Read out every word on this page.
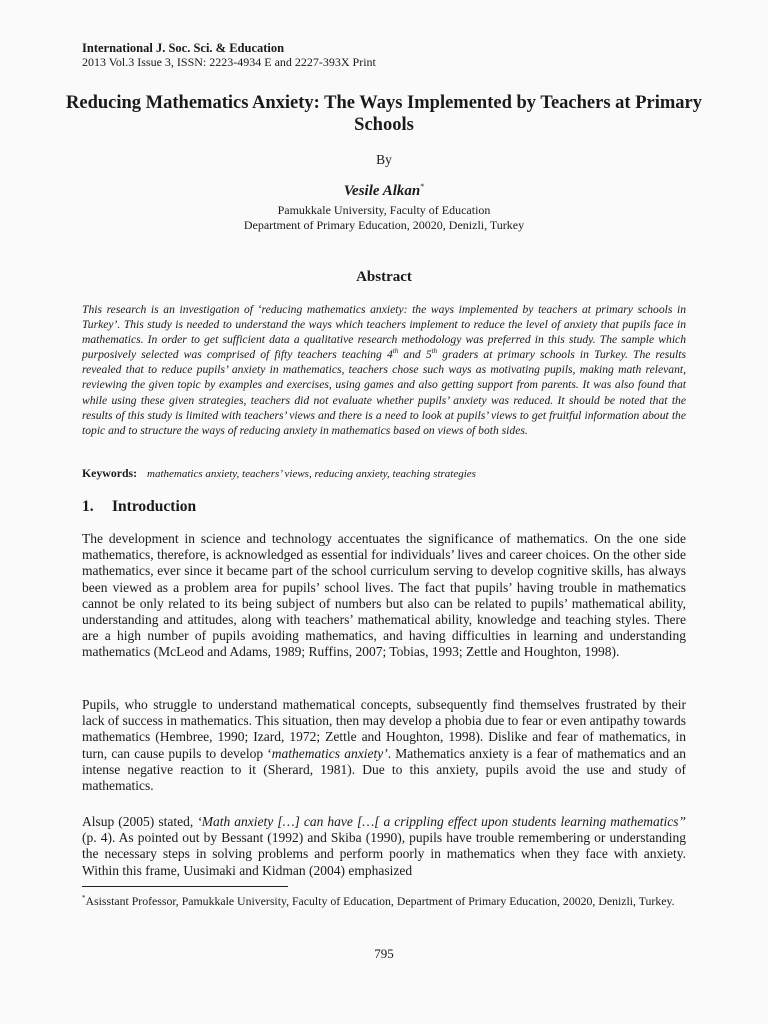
International J. Soc. Sci. & Education
2013 Vol.3 Issue 3, ISSN: 2223-4934 E and 2227-393X Print
Reducing Mathematics Anxiety: The Ways Implemented by Teachers at Primary Schools
By
Vesile Alkan*
Pamukkale University, Faculty of Education
Department of Primary Education, 20020, Denizli, Turkey
Abstract
This research is an investigation of ‘reducing mathematics anxiety: the ways implemented by teachers at primary schools in Turkey’. This study is needed to understand the ways which teachers implement to reduce the level of anxiety that pupils face in mathematics. In order to get sufficient data a qualitative research methodology was preferred in this study. The sample which purposively selected was comprised of fifty teachers teaching 4th and 5th graders at primary schools in Turkey. The results revealed that to reduce pupils’ anxiety in mathematics, teachers chose such ways as motivating pupils, making math relevant, reviewing the given topic by examples and exercises, using games and also getting support from parents. It was also found that while using these given strategies, teachers did not evaluate whether pupils’ anxiety was reduced. It should be noted that the results of this study is limited with teachers’ views and there is a need to look at pupils’ views to get fruitful information about the topic and to structure the ways of reducing anxiety in mathematics based on views of both sides.
Keywords: mathematics anxiety, teachers’ views, reducing anxiety, teaching strategies
1. Introduction
The development in science and technology accentuates the significance of mathematics. On the one side mathematics, therefore, is acknowledged as essential for individuals’ lives and career choices. On the other side mathematics, ever since it became part of the school curriculum serving to develop cognitive skills, has always been viewed as a problem area for pupils’ school lives. The fact that pupils’ having trouble in mathematics cannot be only related to its being subject of numbers but also can be related to pupils’ mathematical ability, understanding and attitudes, along with teachers’ mathematical ability, knowledge and teaching styles. There are a high number of pupils avoiding mathematics, and having difficulties in learning and understanding mathematics (McLeod and Adams, 1989; Ruffins, 2007; Tobias, 1993; Zettle and Houghton, 1998).
Pupils, who struggle to understand mathematical concepts, subsequently find themselves frustrated by their lack of success in mathematics. This situation, then may develop a phobia due to fear or even antipathy towards mathematics (Hembree, 1990; Izard, 1972; Zettle and Houghton, 1998). Dislike and fear of mathematics, in turn, can cause pupils to develop ‘mathematics anxiety’. Mathematics anxiety is a fear of mathematics and an intense negative reaction to it (Sherard, 1981). Due to this anxiety, pupils avoid the use and study of mathematics.
Alsup (2005) stated, ‘Math anxiety […] can have […[ a crippling effect upon students learning mathematics” (p. 4). As pointed out by Bessant (1992) and Skiba (1990), pupils have trouble remembering or understanding the necessary steps in solving problems and perform poorly in mathematics when they face with anxiety. Within this frame, Uusimaki and Kidman (2004) emphasized
*Asisstant Professor, Pamukkale University, Faculty of Education, Department of Primary Education, 20020, Denizli, Turkey.
795
